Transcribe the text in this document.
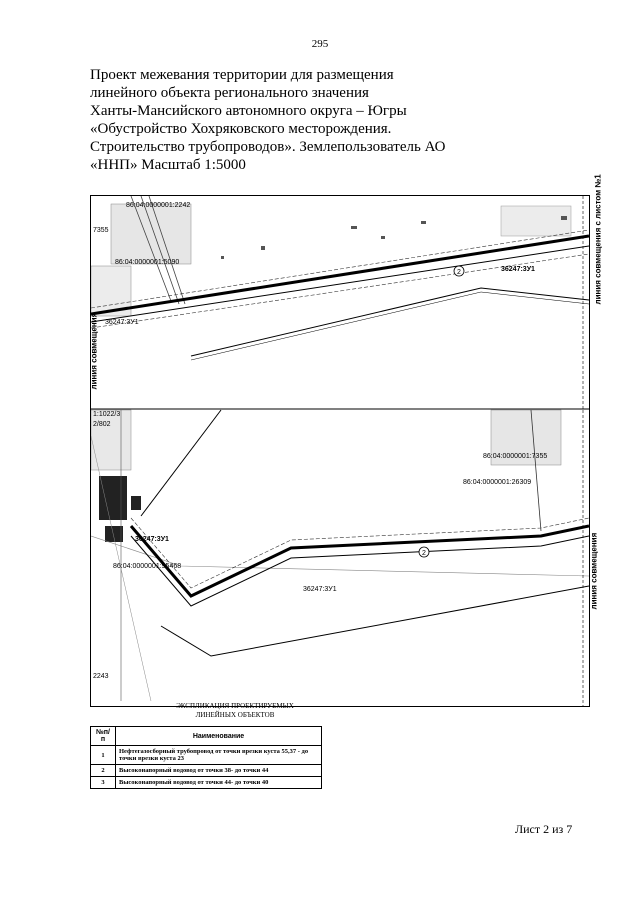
295
Проект межевания территории для размещения
линейного объекта регионального значения
Ханты-Мансийского автономного округа – Югры
«Обустройство Хохряковского месторождения.
Строительство трубопроводов». Землепользователь АО
«ННП» Масштаб 1:5000
86:04:0000001:2242
7355
86:04:0000001:5090
2	36247:3У1
36247:3У1
1:1022/3
2/802
86:04:0000001:7355
86:04:0000001:26309
36247:3У1
86:04:0000001:95468
2
36247:3У1
2243
линия совмещения
линия совмещения с листом №1
линия совмещения
ЭКСПЛИКАЦИЯ ПРОЕКТИРУЕМЫХ
ЛИНЕЙНЫХ ОБЪЕКТОВ
№п/п	Наименование
1	Нефтегазосборный трубопровод от точки врезки куста 55,37 - до точки врезки куста 23
2	Высоконапорный водовод от точки 38- до точки 44
3	Высоконапорный водовод от точки 44- до точки 40
Лист 2 из 7
